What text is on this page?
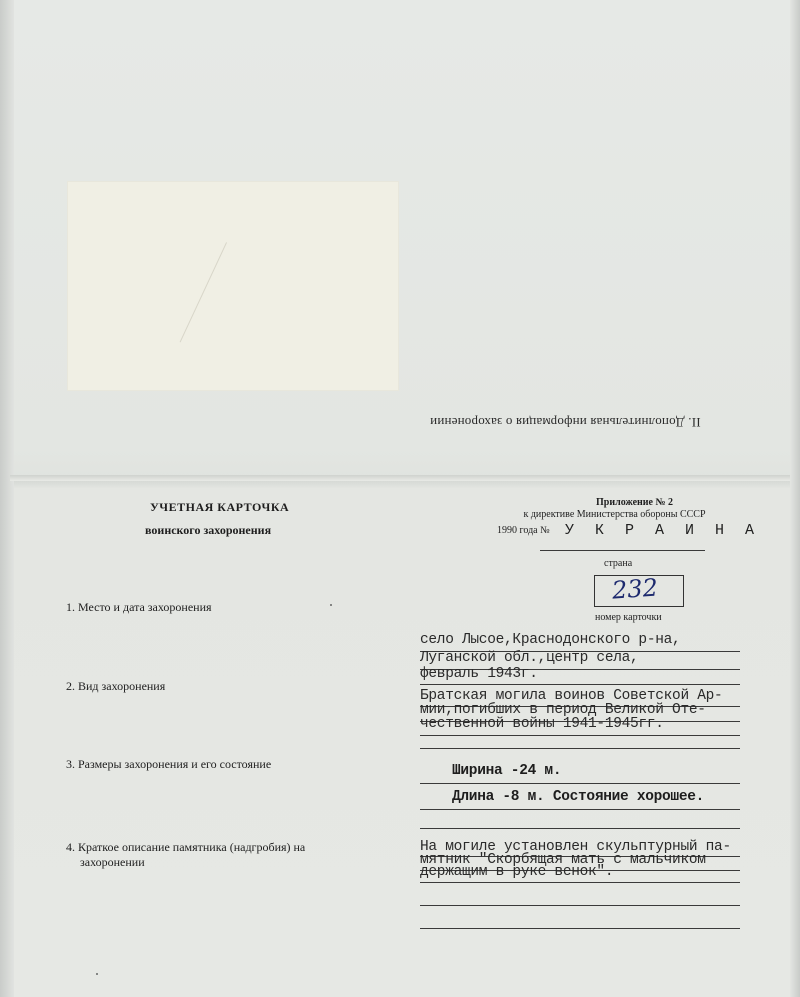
II. Дополнительная информация о захоронении
УЧЕТНАЯ КАРТОЧКА
воинского захоронения
Приложение № 2
к директиве Министерства обороны СССР
1990 года №	У К Р А И Н А
страна
232
номер карточки
1. Место и дата захоронения
село Лысое,Краснодонского р-на,
Луганской обл.,центр села,
февраль 1943г.
2. Вид захоронения
Братская могила воинов Советской Ар-
мии,погибших в период Великой Оте-
чественной войны 1941-1945гг.
3. Размеры захоронения и его состояние	Ширина -24 м.
Длина -8 м. Состояние хорошее.
4. Краткое описание памятника (надгробия) на
захоронении
На могиле установлен скульптурный па-
мятник "Скорбящая мать с мальчиком
держащим в руке венок".
